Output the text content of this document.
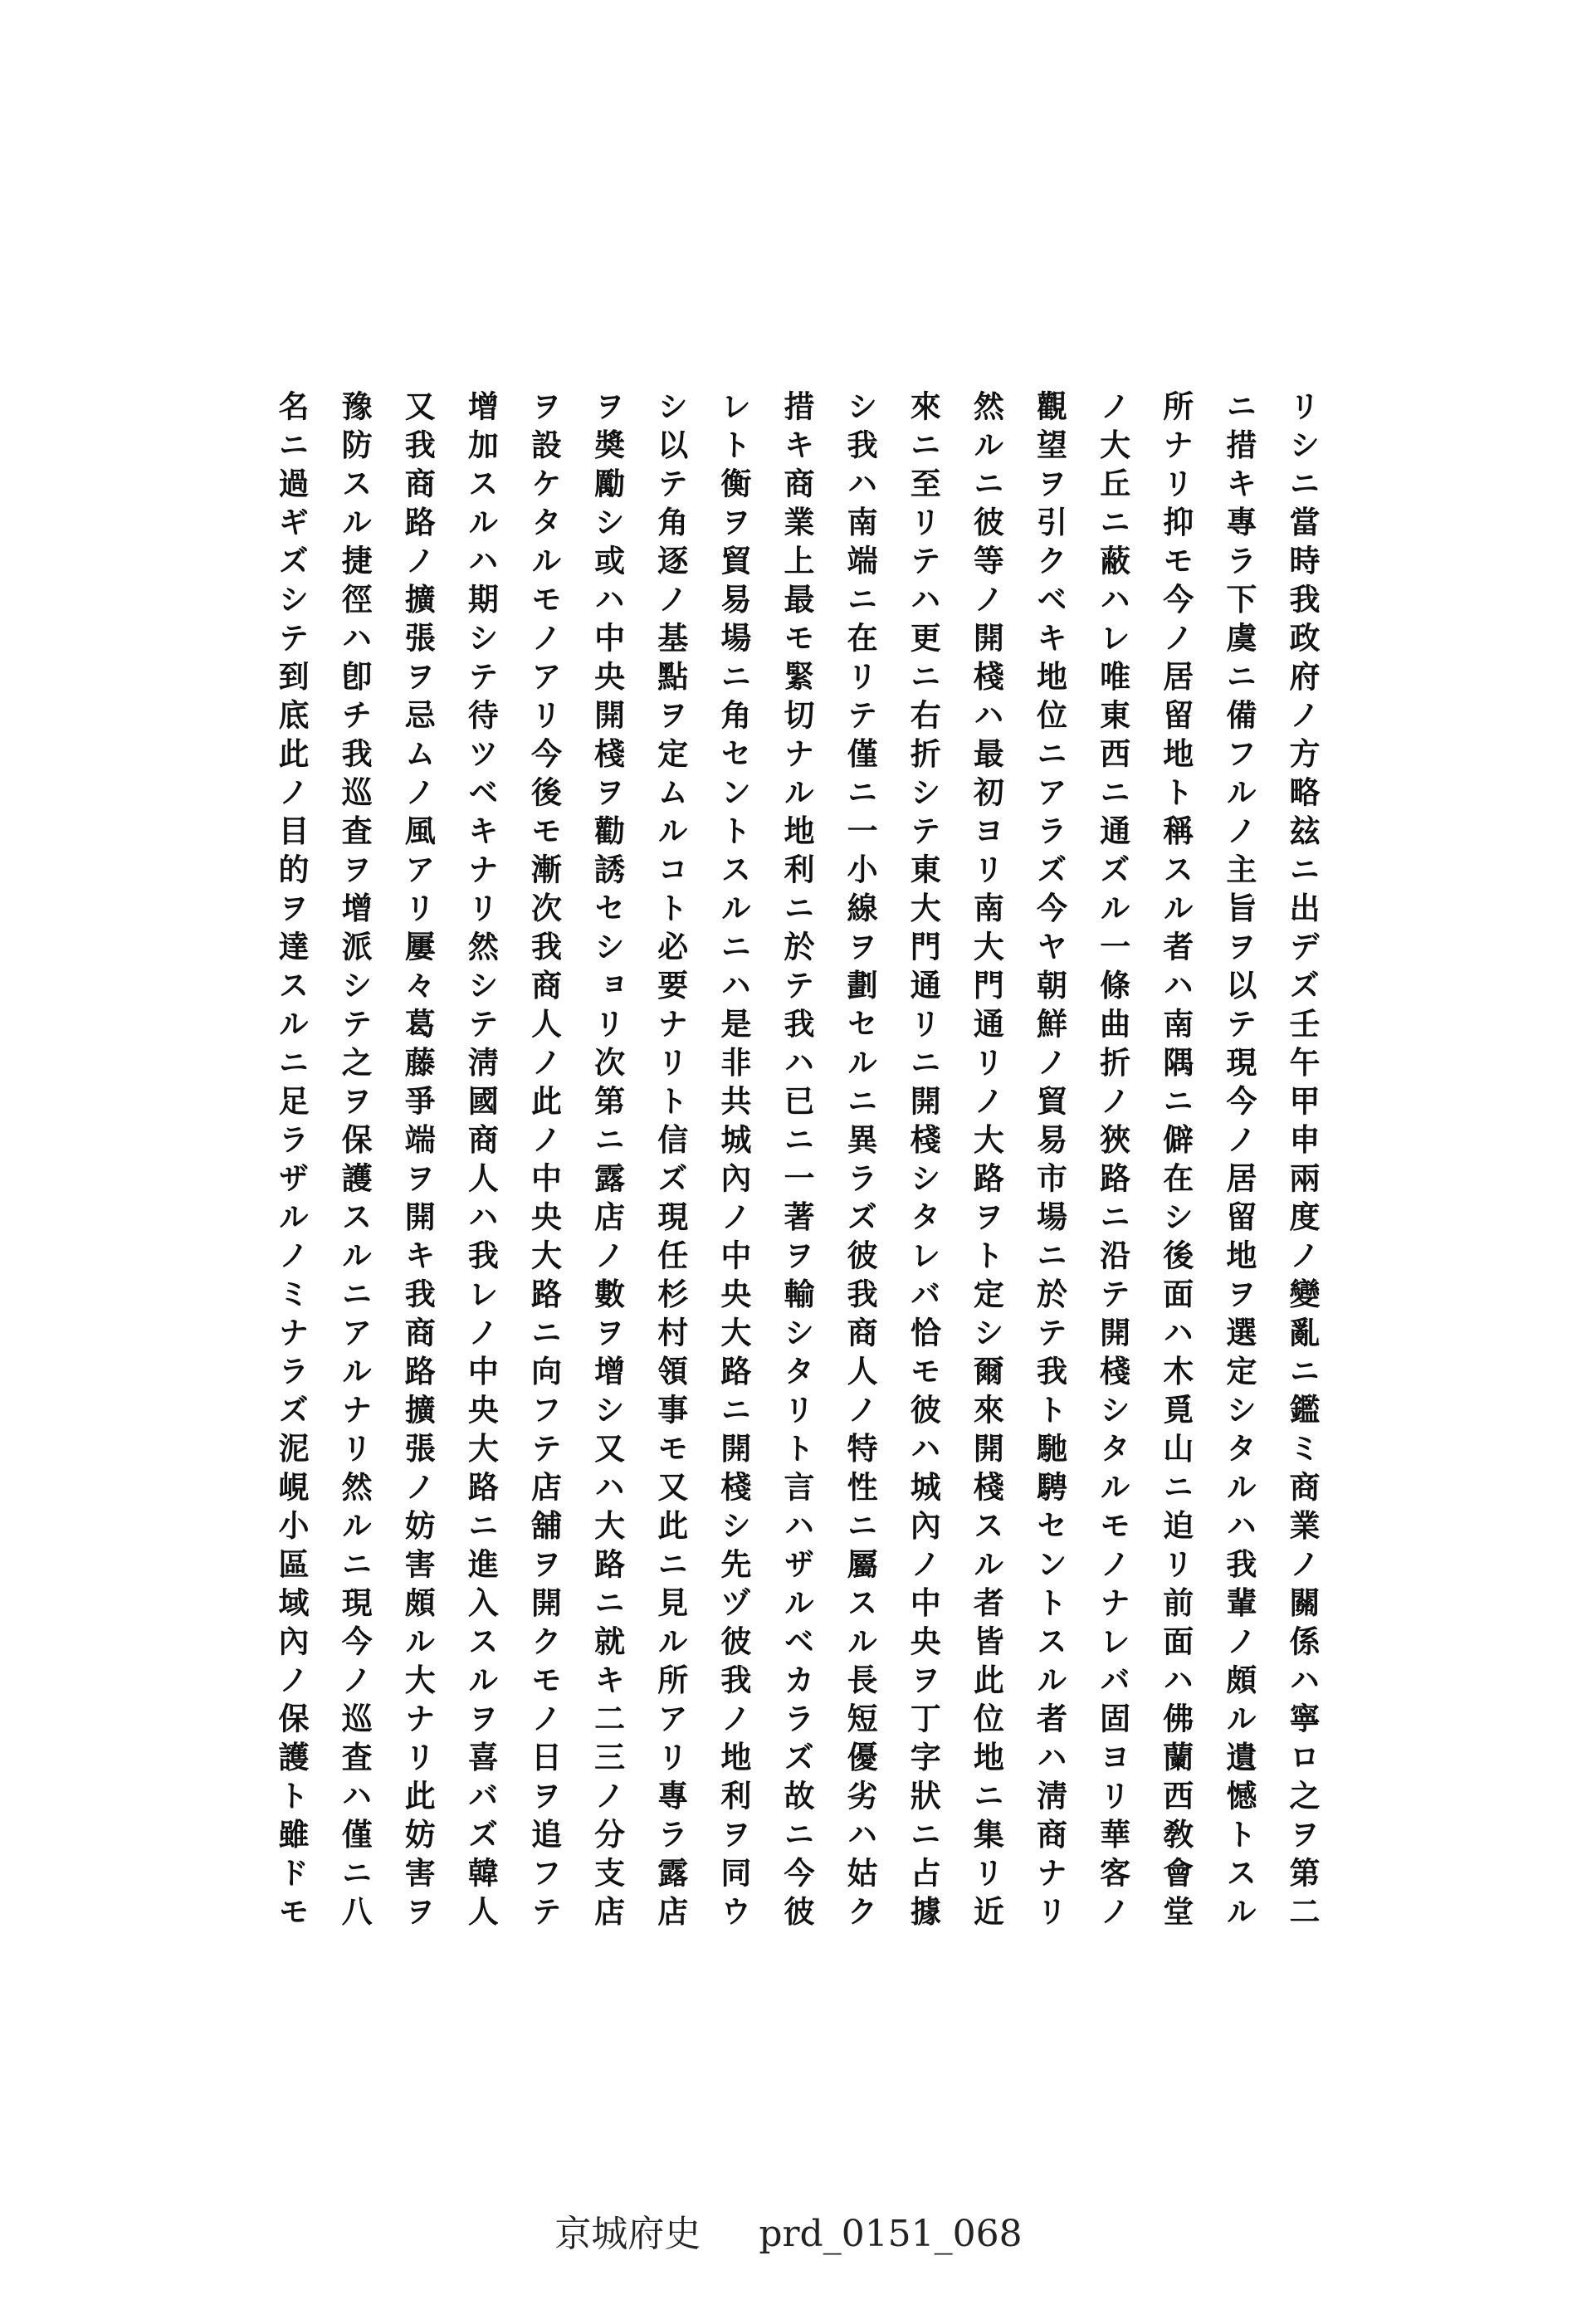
リシニ當時我政府ノ方略玆ニ出デズ壬午甲申兩度ノ變亂ニ鑑ミ商業ノ關係ハ寧ロ之ヲ第二
ニ措キ專ラ下虞ニ備フルノ主旨ヲ以テ現今ノ居留地ヲ選定シタルハ我輩ノ頗ル遺憾トスル
所ナリ抑モ今ノ居留地ト稱スル者ハ南隅ニ僻在シ後面ハ木覓山ニ迫リ前面ハ佛蘭西敎會堂
ノ大丘ニ蔽ハレ唯東西ニ通ズル一條曲折ノ狹路ニ沿テ開棧シタルモノナレバ固ヨリ華客ノ
觀望ヲ引クベキ地位ニアラズ今ヤ朝鮮ノ貿易市場ニ於テ我ト馳騁セントスル者ハ淸商ナリ
然ルニ彼等ノ開棧ハ最初ヨリ南大門通リノ大路ヲト定シ爾來開棧スル者皆此位地ニ集リ近
來ニ至リテハ更ニ右折シテ東大門通リニ開棧シタレバ恰モ彼ハ城內ノ中央ヲ丁字狀ニ占據
シ我ハ南端ニ在リテ僅ニ一小線ヲ劃セルニ異ラズ彼我商人ノ特性ニ屬スル長短優劣ハ姑ク
措キ商業上最モ緊切ナル地利ニ於テ我ハ已ニ一著ヲ輸シタリト言ハザルベカラズ故ニ今彼
レト衡ヲ貿易場ニ角セントスルニハ是非共城內ノ中央大路ニ開棧シ先ヅ彼我ノ地利ヲ同ウ
シ以テ角逐ノ基點ヲ定ムルコト必要ナリト信ズ現任杉村領事モ又此ニ見ル所アリ專ラ露店
ヲ奬勵シ或ハ中央開棧ヲ勸誘セショリ次第ニ露店ノ數ヲ增シ又ハ大路ニ就キ二三ノ分支店
ヲ設ケタルモノアリ今後モ漸次我商人ノ此ノ中央大路ニ向フテ店舖ヲ開クモノ日ヲ追フテ
增加スルハ期シテ待ツベキナリ然シテ淸國商人ハ我レノ中央大路ニ進入スルヲ喜バズ韓人
又我商路ノ擴張ヲ忌ムノ風アリ屢々葛藤爭端ヲ開キ我商路擴張ノ妨害頗ル大ナリ此妨害ヲ
豫防スル捷徑ハ卽チ我巡査ヲ增派シテ之ヲ保護スルニアルナリ然ルニ現今ノ巡査ハ僅ニ八
名ニ過ギズシテ到底此ノ目的ヲ達スルニ足ラザルノミナラズ泥峴小區域內ノ保護ト雖ドモ
京城府史 prd_0151_068
